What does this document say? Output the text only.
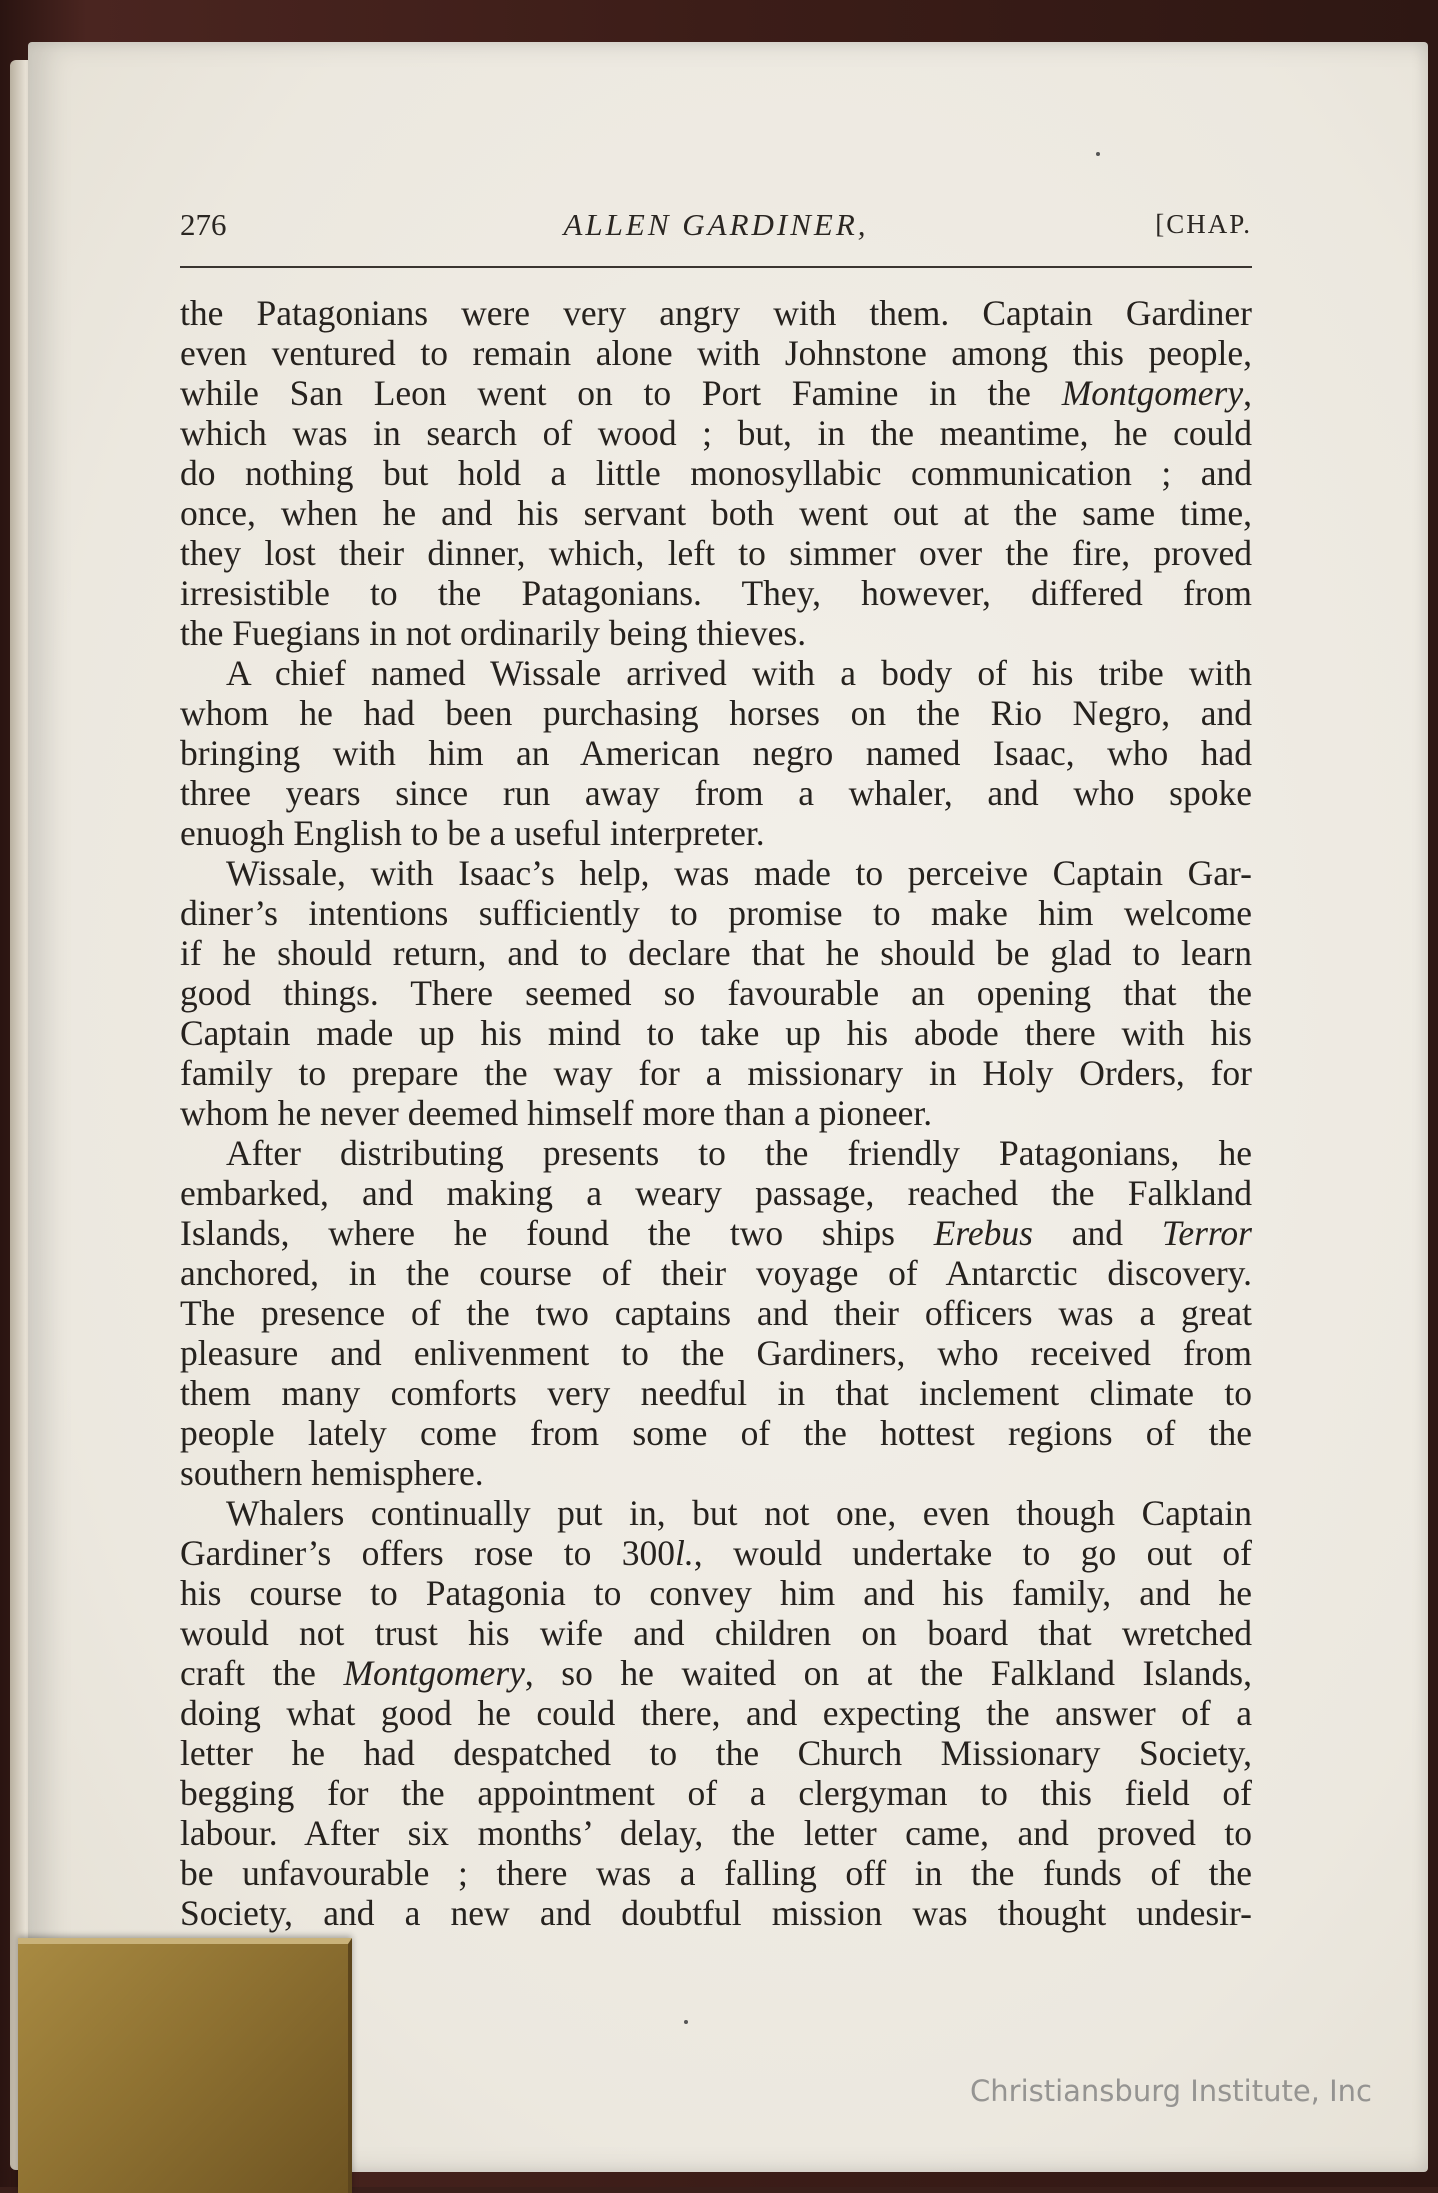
276	ALLEN GARDINER,	[CHAP.
the Patagonians were very angry with them. Captain Gardiner
even ventured to remain alone with Johnstone among this people,
while San Leon went on to Port Famine in the Montgomery,
which was in search of wood ; but, in the meantime, he could
do nothing but hold a little monosyllabic communication ; and
once, when he and his servant both went out at the same time,
they lost their dinner, which, left to simmer over the fire, proved
irresistible to the Patagonians. They, however, differed from
the Fuegians in not ordinarily being thieves.
A chief named Wissale arrived with a body of his tribe with
whom he had been purchasing horses on the Rio Negro, and
bringing with him an American negro named Isaac, who had
three years since run away from a whaler, and who spoke
enuogh English to be a useful interpreter.
Wissale, with Isaac’s help, was made to perceive Captain Gar-
diner’s intentions sufficiently to promise to make him welcome
if he should return, and to declare that he should be glad to learn
good things. There seemed so favourable an opening that the
Captain made up his mind to take up his abode there with his
family to prepare the way for a missionary in Holy Orders, for
whom he never deemed himself more than a pioneer.
After distributing presents to the friendly Patagonians, he
embarked, and making a weary passage, reached the Falkland
Islands, where he found the two ships Erebus and Terror
anchored, in the course of their voyage of Antarctic discovery.
The presence of the two captains and their officers was a great
pleasure and enlivenment to the Gardiners, who received from
them many comforts very needful in that inclement climate to
people lately come from some of the hottest regions of the
southern hemisphere.
Whalers continually put in, but not one, even though Captain
Gardiner’s offers rose to 300l., would undertake to go out of
his course to Patagonia to convey him and his family, and he
would not trust his wife and children on board that wretched
craft the Montgomery, so he waited on at the Falkland Islands,
doing what good he could there, and expecting the answer of a
letter he had despatched to the Church Missionary Society,
begging for the appointment of a clergyman to this field of
labour. After six months’ delay, the letter came, and proved to
be unfavourable ; there was a falling off in the funds of the
Society, and a new and doubtful mission was thought undesir-
Christiansburg Institute, Inc
